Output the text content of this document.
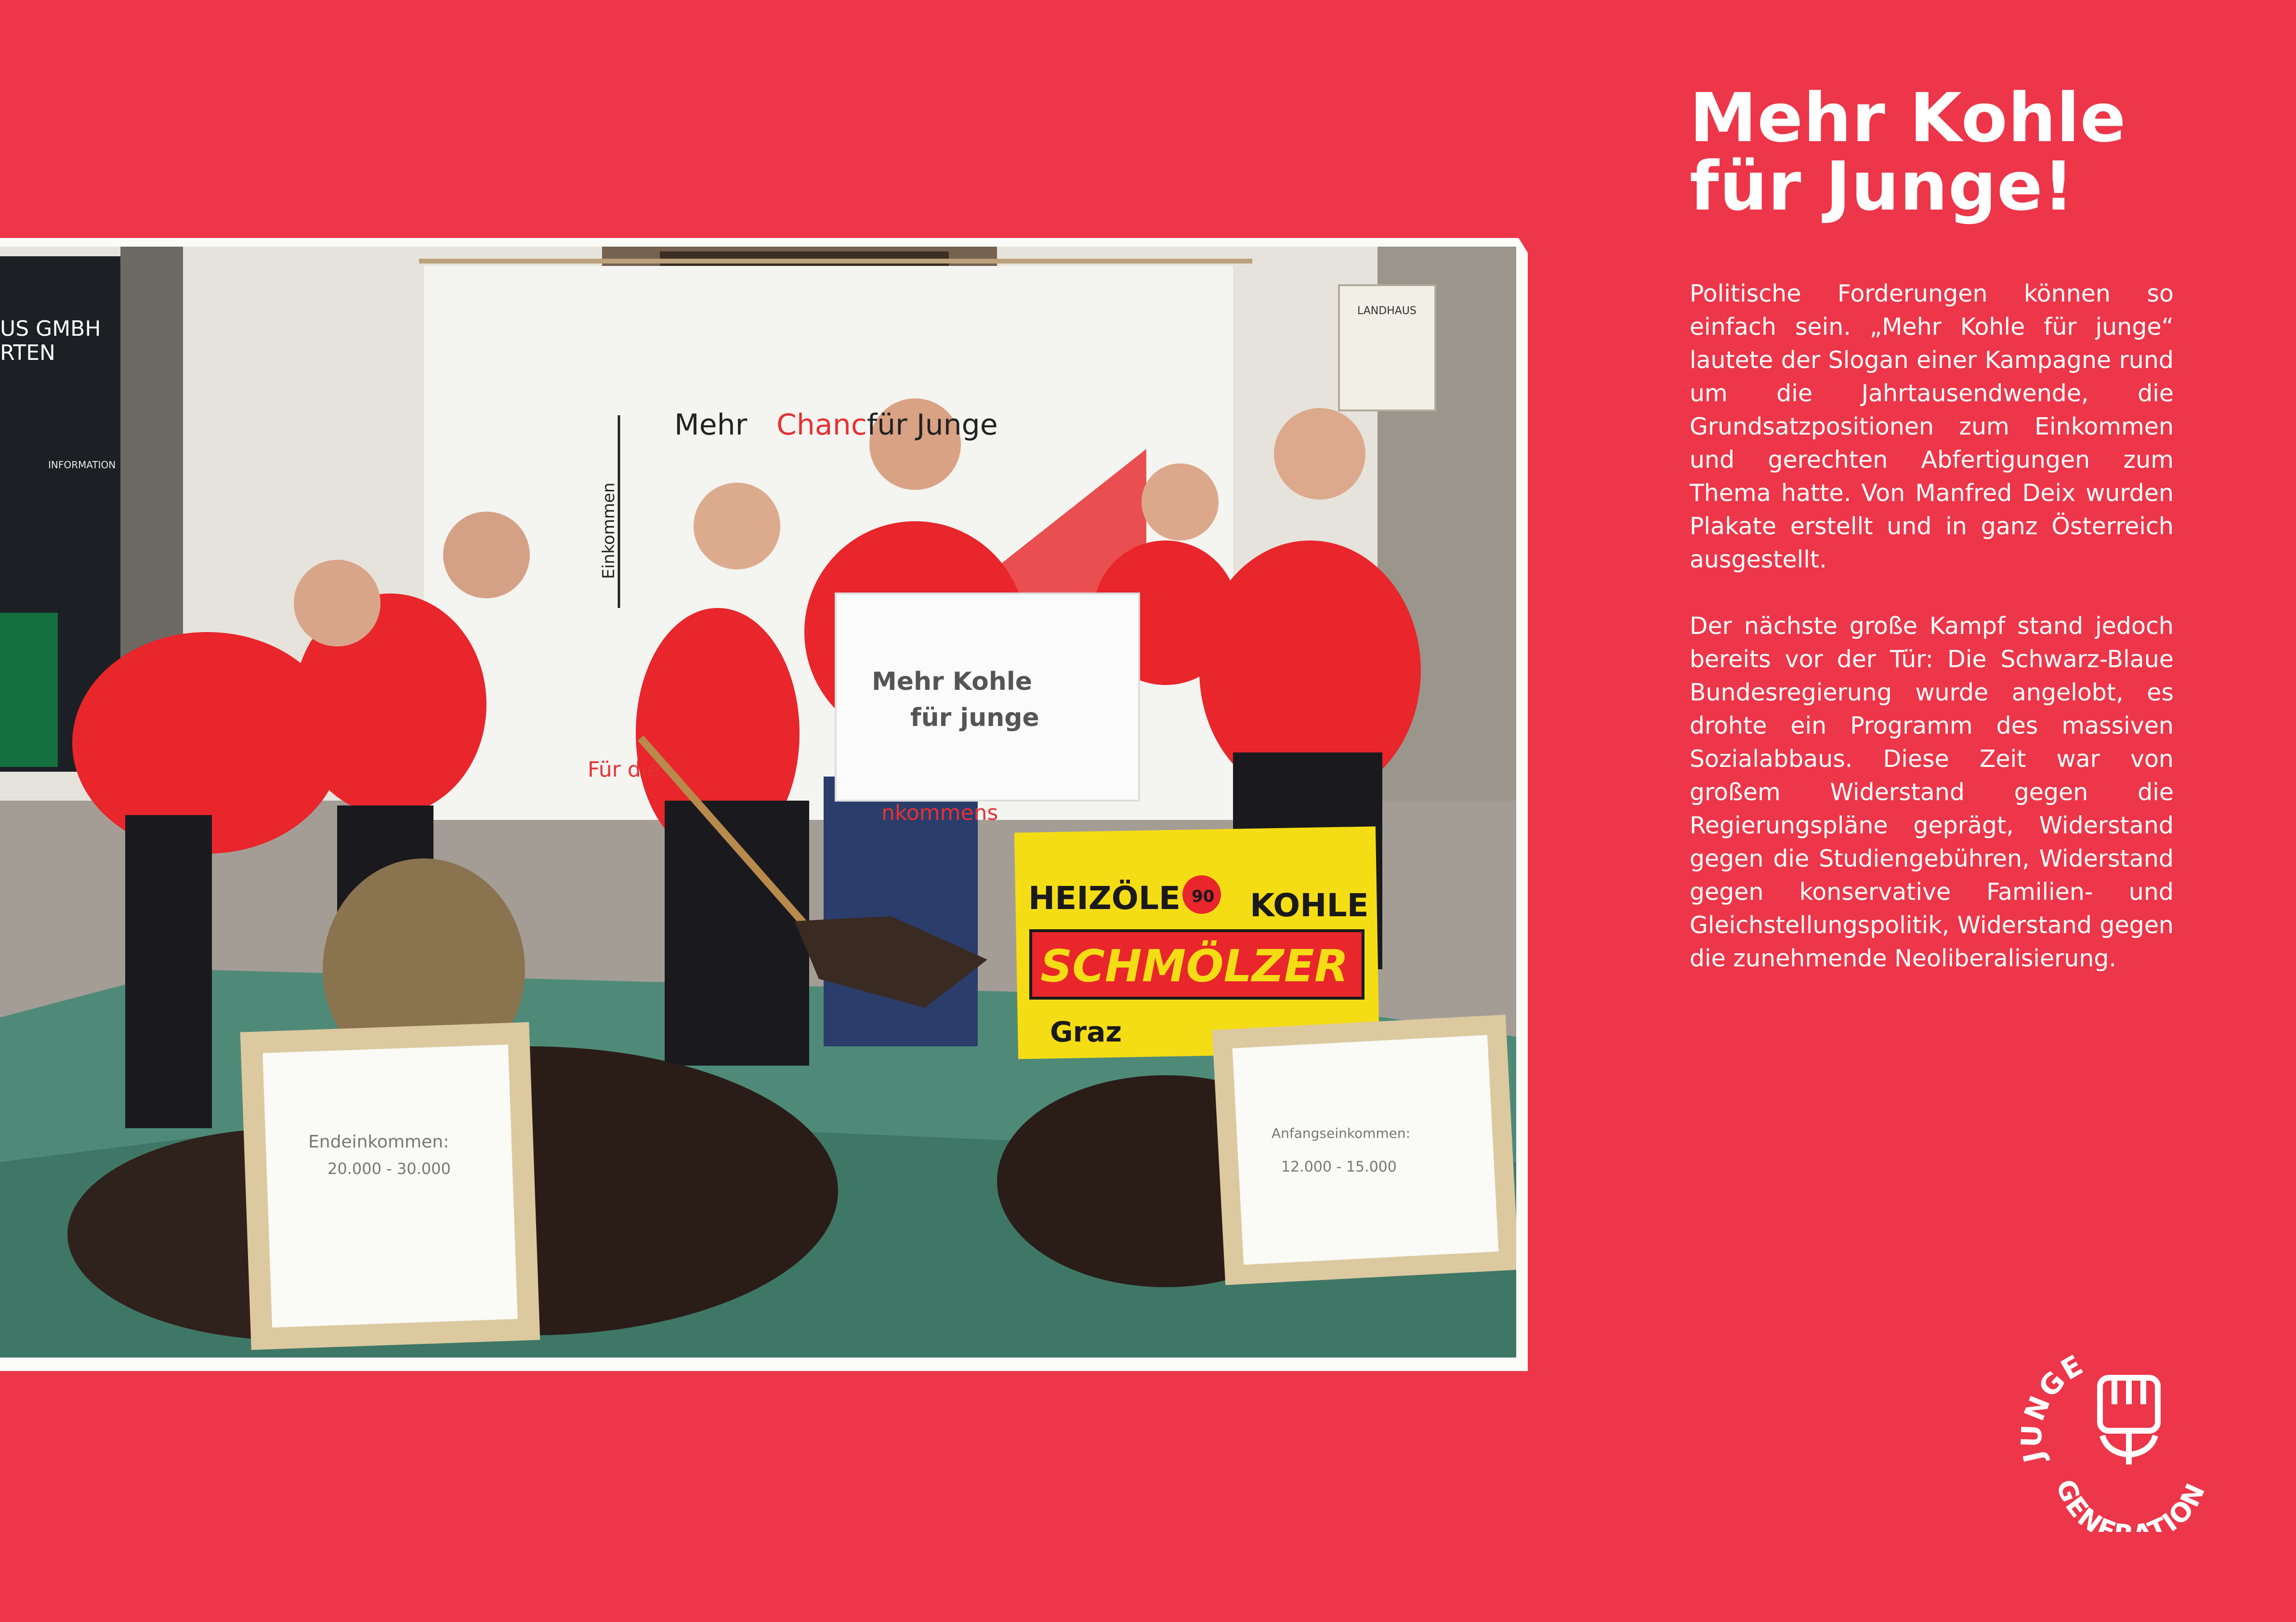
Mehr Chanc für Junge
Einkommen
Für die
nkommens
US GMBH
RTEN
INFORMATION
LANDHAUS
Mehr Kohle
für junge
HEIZÖLE KOHLE
90
SCHMÖLZER
Graz
Endeinkommen:
20.000 - 30.000
Anfangseinkommen:
12.000 - 15.000
Mehr Kohle
für Junge!

Politische Forderungen können so einfach sein. „Mehr Kohle für junge“ lautete der Slogan einer Kampagne rund um die Jahrtausendwende, die Grundsatzpositionen zum Einkommen und gerechten Abfertigungen zum Thema hatte. Von Manfred Deix wurden Plakate erstellt und in ganz Österreich ausgestellt.

Der nächste große Kampf stand jedoch bereits vor der Tür: Die Schwarz-Blaue Bundesregierung wurde angelobt, es drohte ein Programm des massiven Sozialabbaus. Diese Zeit war von großem Widerstand gegen die Regierungspläne geprägt, Widerstand gegen die Studiengebühren, Widerstand gegen konservative Familien- und Gleichstellungspolitik, Widerstand gegen die zunehmende Neoliberalisierung.

JUNGE
GENE TION
